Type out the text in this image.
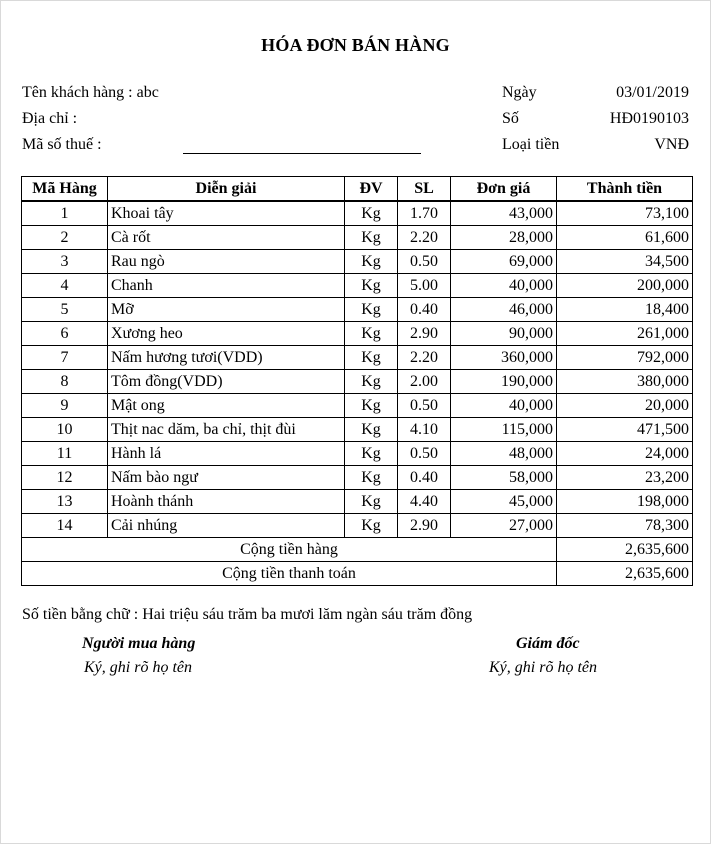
HÓA ĐƠN BÁN HÀNG
Tên khách hàng : abc
Địa chỉ :
Mã số thuế :
Ngày	03/01/2019
Số	HĐ0190103
Loại tiền	VNĐ
Mã Hàng	Diễn giải	ĐV	SL	Đơn giá	Thành tiền
1	Khoai tây	Kg	1.70	43,000	73,100
2	Cà rốt	Kg	2.20	28,000	61,600
3	Rau ngò	Kg	0.50	69,000	34,500
4	Chanh	Kg	5.00	40,000	200,000
5	Mỡ	Kg	0.40	46,000	18,400
6	Xương heo	Kg	2.90	90,000	261,000
7	Nấm hương tươi(VDD)	Kg	2.20	360,000	792,000
8	Tôm đồng(VDD)	Kg	2.00	190,000	380,000
9	Mật ong	Kg	0.50	40,000	20,000
10	Thịt nac dăm, ba chỉ, thịt đùi	Kg	4.10	115,000	471,500
11	Hành lá	Kg	0.50	48,000	24,000
12	Nấm bào ngư	Kg	0.40	58,000	23,200
13	Hoành thánh	Kg	4.40	45,000	198,000
14	Cải nhúng	Kg	2.90	27,000	78,300
Cộng tiền hàng					2,635,600
Cộng tiền thanh toán					2,635,600
Số tiền bằng chữ : Hai triệu sáu trăm ba mươi lăm ngàn sáu trăm đồng
Người mua hàng
Ký, ghi rõ họ tên
Giám đốc
Ký, ghi rõ họ tên
